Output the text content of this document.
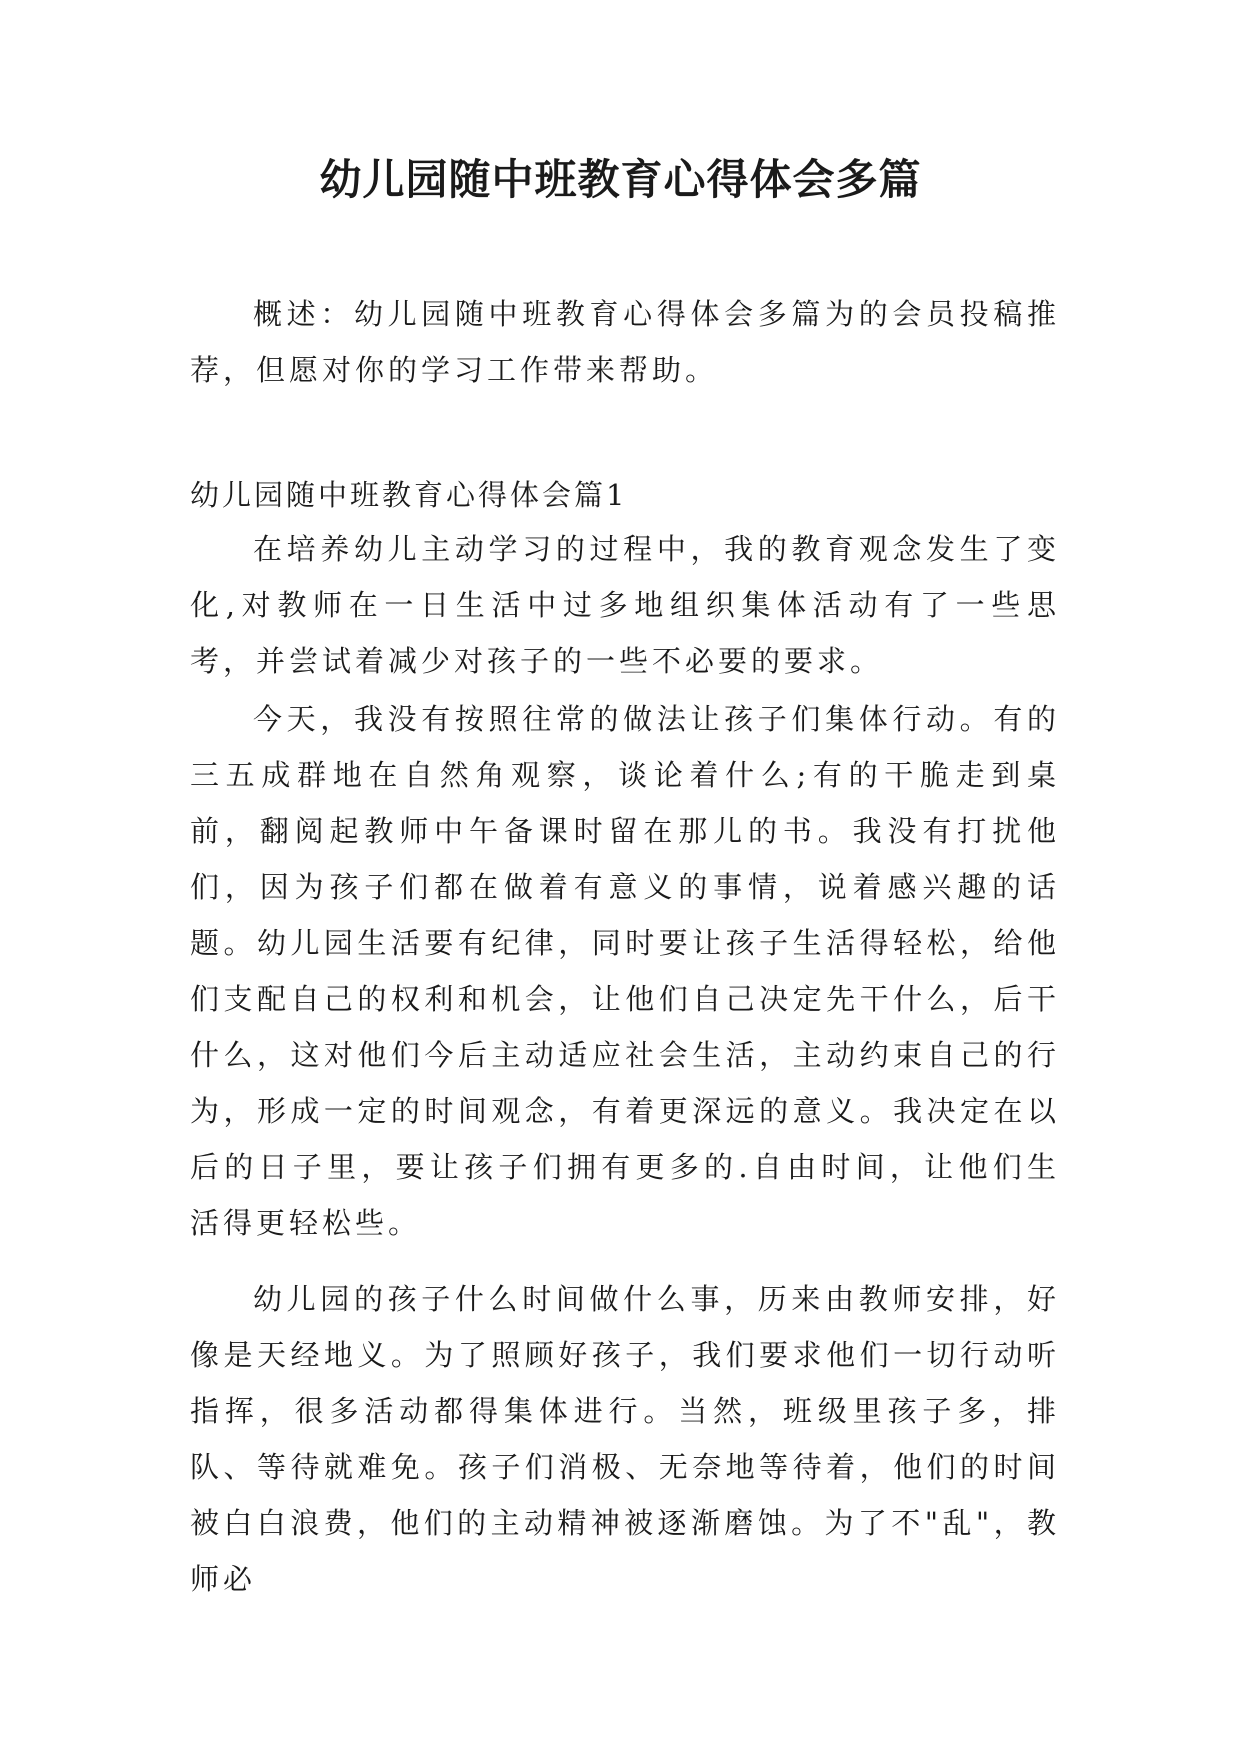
幼儿园随中班教育心得体会多篇

概述：幼儿园随中班教育心得体会多篇为的会员投稿推荐，但愿对你的学习工作带来帮助。

幼儿园随中班教育心得体会篇1

在培养幼儿主动学习的过程中，我的教育观念发生了变化,对教师在一日生活中过多地组织集体活动有了一些思考，并尝试着减少对孩子的一些不必要的要求。

今天，我没有按照往常的做法让孩子们集体行动。有的三五成群地在自然角观察，谈论着什么;有的干脆走到桌前，翻阅起教师中午备课时留在那儿的书。我没有打扰他们，因为孩子们都在做着有意义的事情，说着感兴趣的话题。幼儿园生活要有纪律，同时要让孩子生活得轻松，给他们支配自己的权利和机会，让他们自己决定先干什么，后干什么，这对他们今后主动适应社会生活，主动约束自己的行为，形成一定的时间观念，有着更深远的意义。我决定在以后的日子里，要让孩子们拥有更多的.自由时间，让他们生活得更轻松些。

幼儿园的孩子什么时间做什么事，历来由教师安排，好像是天经地义。为了照顾好孩子，我们要求他们一切行动听指挥，很多活动都得集体进行。当然，班级里孩子多，排队、等待就难免。孩子们消极、无奈地等待着，他们的时间被白白浪费，他们的主动精神被逐渐磨蚀。为了不"乱"，教师必
